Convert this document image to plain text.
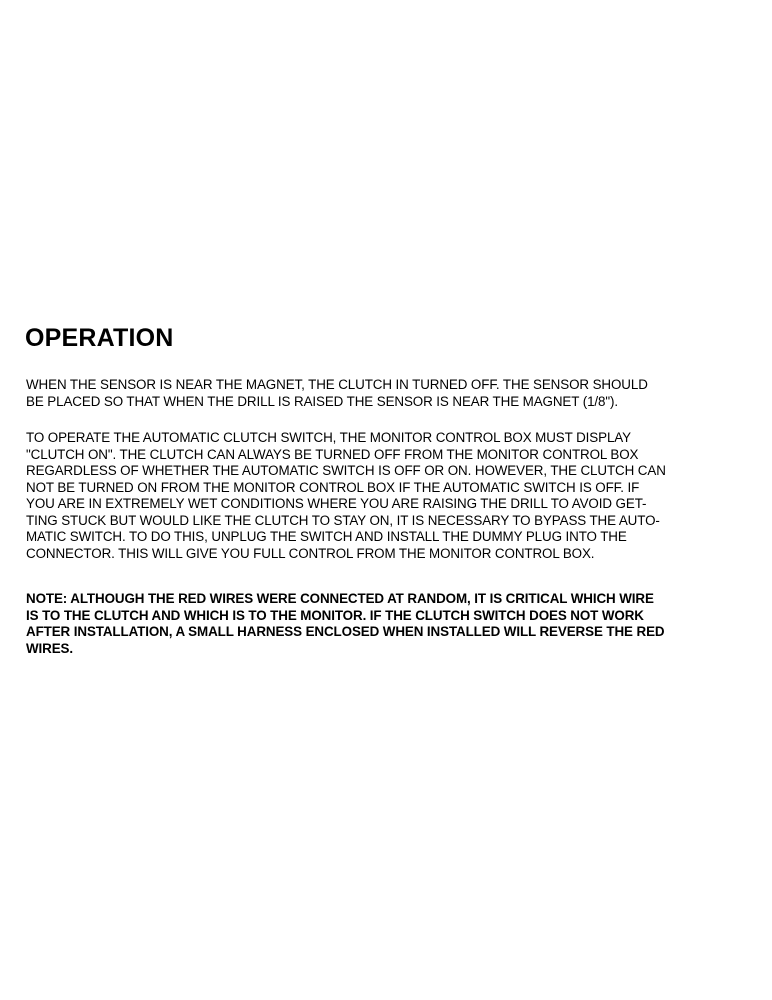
OPERATION

WHEN THE SENSOR IS NEAR THE MAGNET, THE CLUTCH IN TURNED OFF. THE SENSOR SHOULD
BE PLACED SO THAT WHEN THE DRILL IS RAISED THE SENSOR IS NEAR THE MAGNET (1/8").

TO OPERATE THE AUTOMATIC CLUTCH SWITCH, THE MONITOR CONTROL BOX MUST DISPLAY
"CLUTCH ON". THE CLUTCH CAN ALWAYS BE TURNED OFF FROM THE MONITOR CONTROL BOX
REGARDLESS OF WHETHER THE AUTOMATIC SWITCH IS OFF OR ON. HOWEVER, THE CLUTCH CAN
NOT BE TURNED ON FROM THE MONITOR CONTROL BOX IF THE AUTOMATIC SWITCH IS OFF. IF
YOU ARE IN EXTREMELY WET CONDITIONS WHERE YOU ARE RAISING THE DRILL TO AVOID GET-
TING STUCK BUT WOULD LIKE THE CLUTCH TO STAY ON, IT IS NECESSARY TO BYPASS THE AUTO-
MATIC SWITCH. TO DO THIS, UNPLUG THE SWITCH AND INSTALL THE DUMMY PLUG INTO THE
CONNECTOR. THIS WILL GIVE YOU FULL CONTROL FROM THE MONITOR CONTROL BOX.

NOTE: ALTHOUGH THE RED WIRES WERE CONNECTED AT RANDOM, IT IS CRITICAL WHICH WIRE
IS TO THE CLUTCH AND WHICH IS TO THE MONITOR. IF THE CLUTCH SWITCH DOES NOT WORK
AFTER INSTALLATION, A SMALL HARNESS ENCLOSED WHEN INSTALLED WILL REVERSE THE RED
WIRES.
